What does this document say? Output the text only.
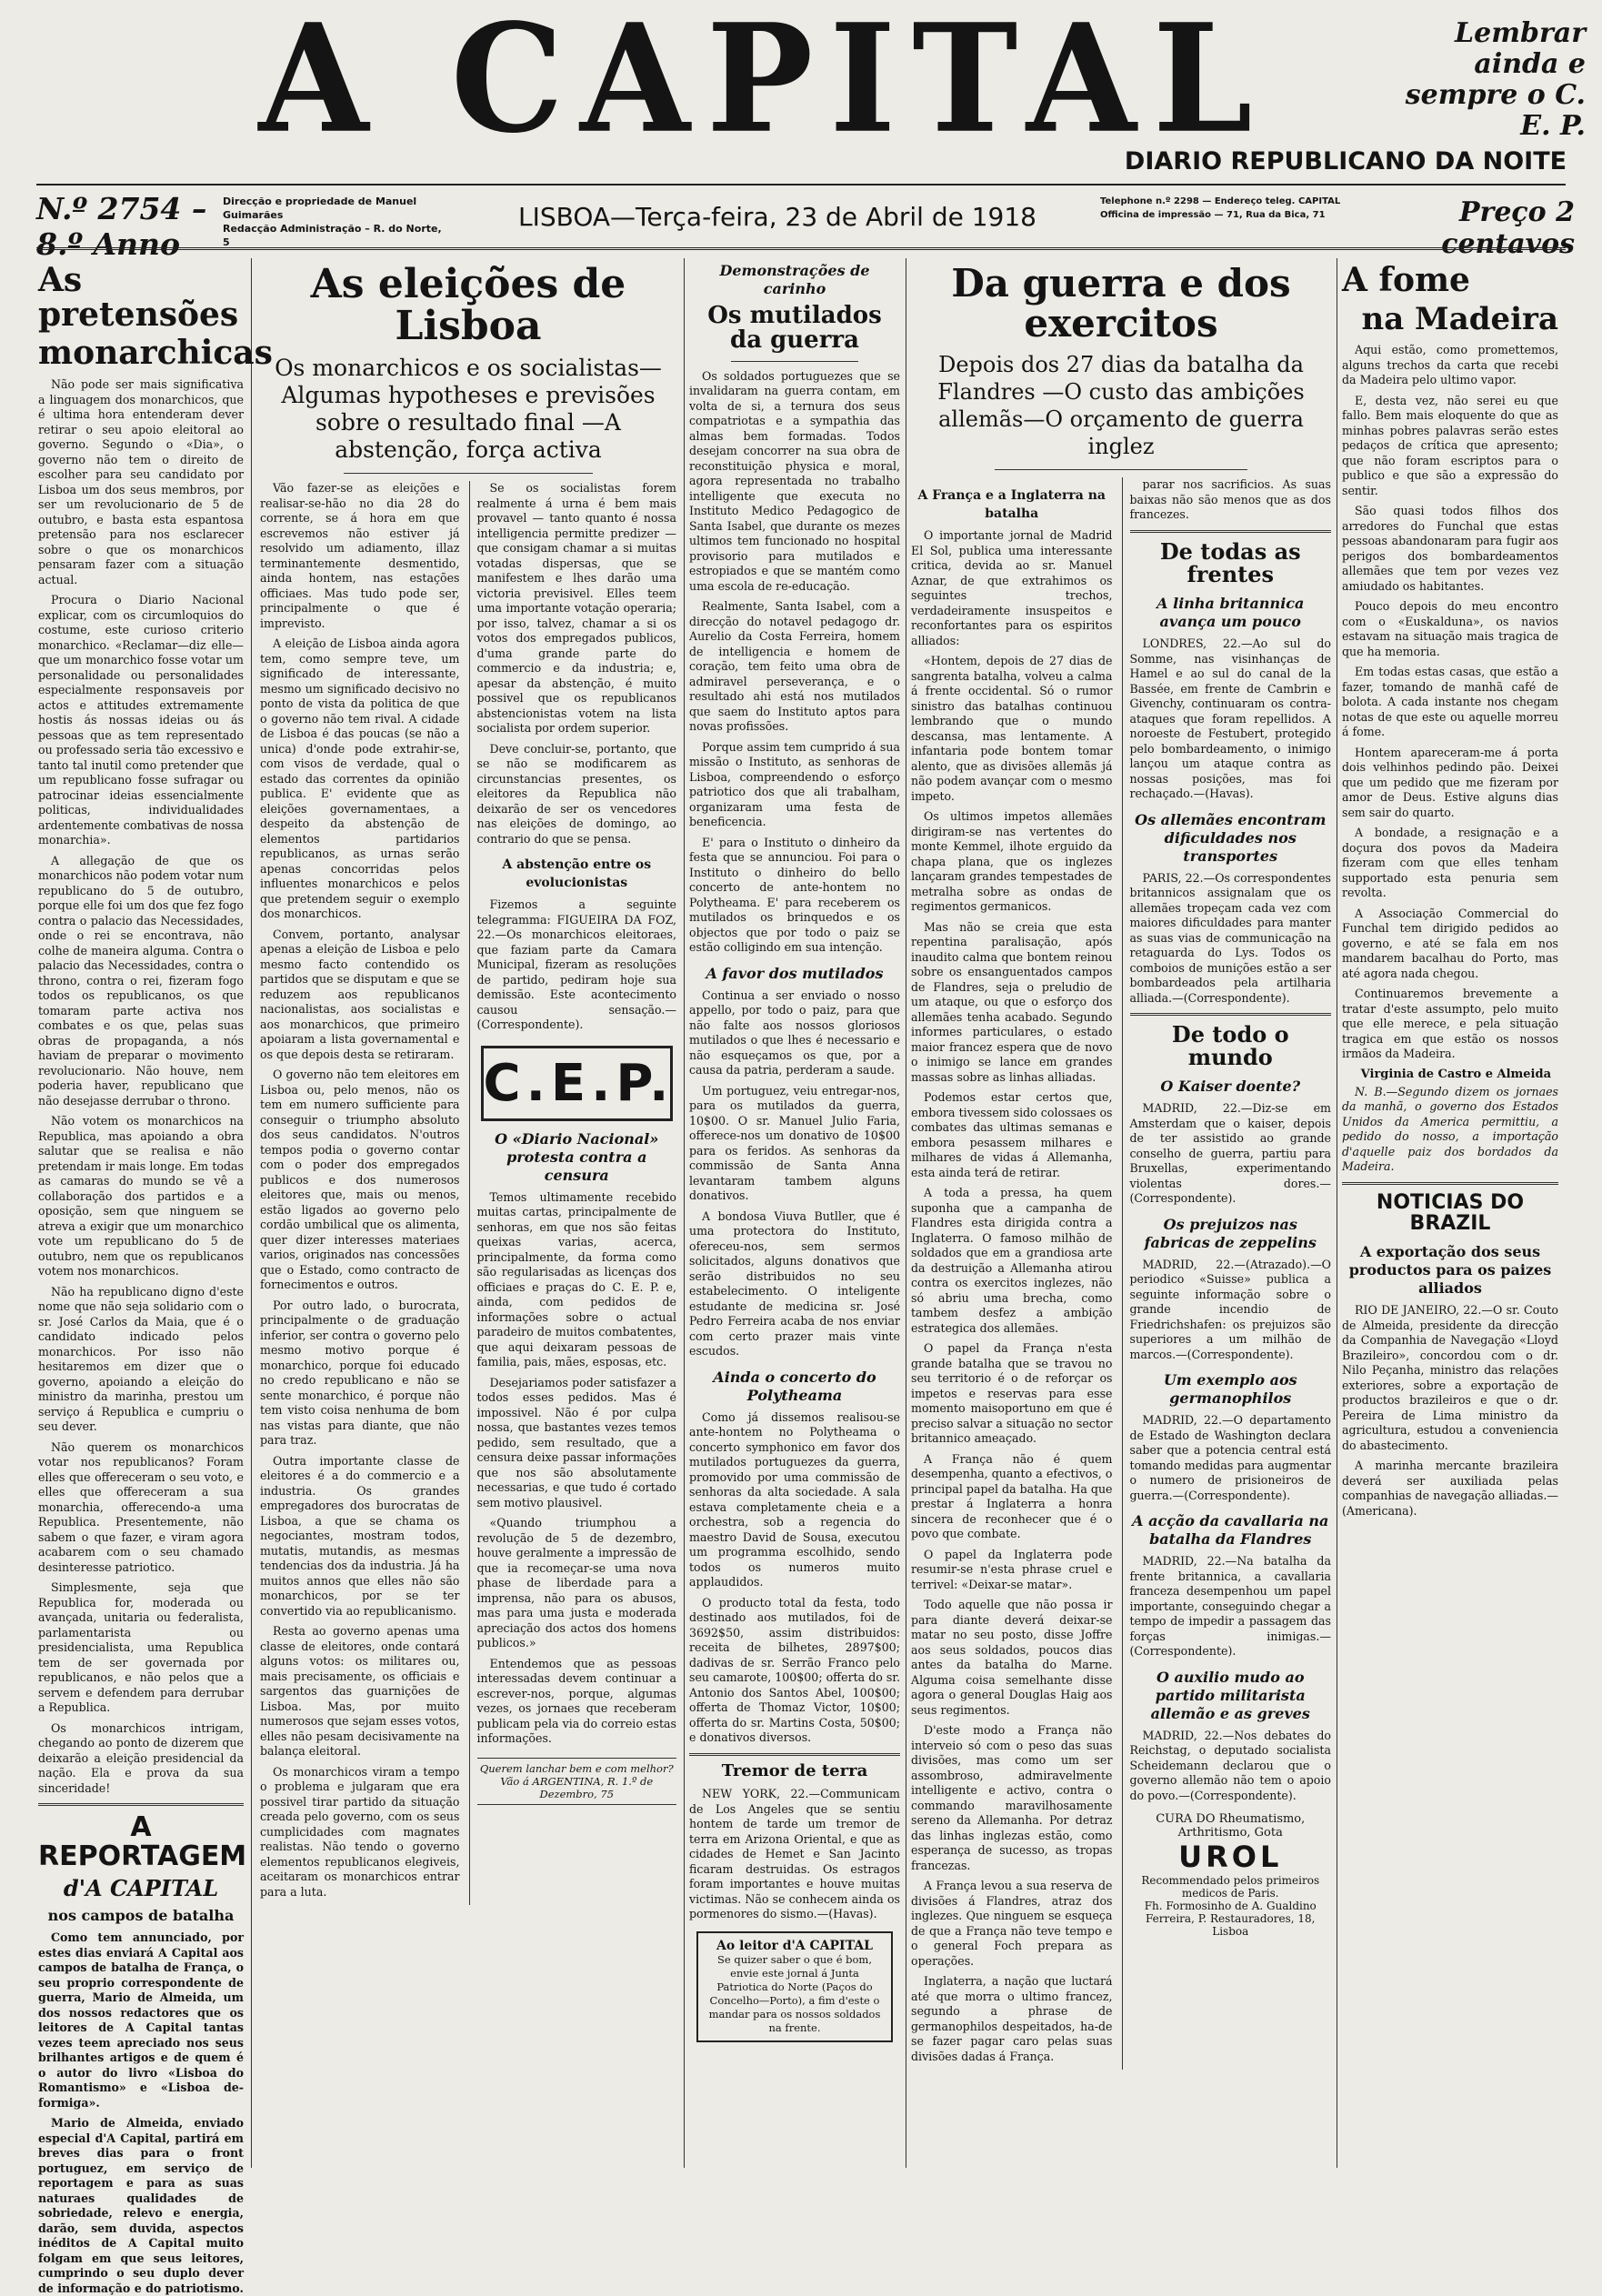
A CAPITAL	Lembrar ainda e sempre o C. E. P.
DIARIO REPUBLICANO DA NOITE
N.º 2754 – 8.º Anno
Direcção e propriedade de Manuel Guimarães
Redacção Administração – R. do Norte, 5
LISBOA—Terça-feira, 23 de Abril de 1918
Telephone n.º 2298 — Endereço teleg. CAPITAL
Officina de impressão — 71, Rua da Bica, 71	Preço 2 centavos
As pretensões
monarchicas

Não pode ser mais significativa a linguagem dos monarchicos, que é ultima hora entenderam dever retirar o seu apoio eleitoral ao governo. Segundo o «Dia», o governo não tem o direito de escolher para seu candidato por Lisboa um dos seus membros, por ser um revolucionario de 5 de outubro, e basta esta espantosa pretensão para nos esclarecer sobre o que os monarchicos pensaram fazer com a situação actual.

Procura o Diario Nacional explicar, com os circumloquios do costume, este curioso criterio monarchico. «Reclamar—diz elle—que um monarchico fosse votar um personalidade ou personalidades especialmente responsaveis por actos e attitudes extremamente hostis ás nossas ideias ou ás pessoas que as tem representado ou professado seria tão excessivo e tanto tal inutil como pretender que um republicano fosse sufragar ou patrocinar ideias essencialmente politicas, individualidades ardentemente combativas de nossa monarchia».

A allegação de que os monarchicos não podem votar num republicano do 5 de outubro, porque elle foi um dos que fez fogo contra o palacio das Necessidades, onde o rei se encontrava, não colhe de maneira alguma. Contra o palacio das Necessidades, contra o throno, contra o rei, fizeram fogo todos os republicanos, os que tomaram parte activa nos combates e os que, pelas suas obras de propaganda, a nós haviam de preparar o movimento revolucionario. Não houve, nem poderia haver, republicano que não desejasse derrubar o throno.

Não votem os monarchicos na Republica, mas apoiando a obra salutar que se realisa e não pretendam ir mais longe. Em todas as camaras do mundo se vê a collaboração dos partidos e a oposição, sem que ninguem se atreva a exigir que um monarchico vote um republicano do 5 de outubro, nem que os republicanos votem nos monarchicos.

Não ha republicano digno d'este nome que não seja solidario com o sr. José Carlos da Maia, que é o candidato indicado pelos monarchicos. Por isso não hesitaremos em dizer que o governo, apoiando a eleição do ministro da marinha, prestou um serviço á Republica e cumpriu o seu dever.

Não querem os monarchicos votar nos republicanos? Foram elles que offereceram o seu voto, e elles que offereceram a sua monarchia, offerecendo-a uma Republica. Presentemente, não sabem o que fazer, e viram agora acabarem com o seu chamado desinteresse patriotico.

Simplesmente, seja que Republica for, moderada ou avançada, unitaria ou federalista, parlamentarista ou presidencialista, uma Republica tem de ser governada por republicanos, e não pelos que a servem e defendem para derrubar a Republica.

Os monarchicos intrigam, chegando ao ponto de dizerem que deixarão a eleição presidencial da nação. Ela e prova da sua sinceridade!

A REPORTAGEM
d'A CAPITAL
nos campos de batalha

Como tem annunciado, por estes dias enviará A Capital aos campos de batalha de França, o seu proprio correspondente de guerra, Mario de Almeida, um dos nossos redactores que os leitores de A Capital tantas vezes teem apreciado nos seus brilhantes artigos e de quem é o autor do livro «Lisboa do Romantismo» e «Lisboa de-formiga».

Mario de Almeida, enviado especial d'A Capital, partirá em breves dias para o front portuguez, em serviço de reportagem e para as suas naturaes qualidades de sobriedade, relevo e energia, darão, sem duvida, aspectos inéditos de A Capital muito folgam em que seus leitores, cumprindo o seu duplo dever de informação e do patriotismo.

As eleições de Lisboa
Os monarchicos e os socialistas—Algumas hypotheses e previsões sobre o resultado final —A abstenção, força activa

Vão fazer-se as eleições e realisar-se-hão no dia 28 do corrente, se á hora em que escrevemos não estiver já resolvido um adiamento, illaz terminantemente desmentido, ainda hontem, nas estações officiaes. Mas tudo pode ser, principalmente o que é imprevisto.

A eleição de Lisboa ainda agora tem, como sempre teve, um significado de interessante, mesmo um significado decisivo no ponto de vista da politica de que o governo não tem rival. A cidade de Lisboa é das poucas (se não a unica) d'onde pode extrahir-se, com visos de verdade, qual o estado das correntes da opinião publica. E' evidente que as eleições governamentaes, a despeito da abstenção de elementos partidarios republicanos, as urnas serão apenas concorridas pelos influentes monarchicos e pelos que pretendem seguir o exemplo dos monarchicos.

Convem, portanto, analysar apenas a eleição de Lisboa e pelo mesmo facto contendido os partidos que se disputam e que se reduzem aos republicanos nacionalistas, aos socialistas e aos monarchicos, que primeiro apoiaram a lista governamental e os que depois desta se retiraram.

O governo não tem eleitores em Lisboa ou, pelo menos, não os tem em numero sufficiente para conseguir o triumpho absoluto dos seus candidatos. N'outros tempos podia o governo contar com o poder dos empregados publicos e dos numerosos eleitores que, mais ou menos, estão ligados ao governo pelo cordão umbilical que os alimenta, quer dizer interesses materiaes varios, originados nas concessões que o Estado, como contracto de fornecimentos e outros.

Por outro lado, o burocrata, principalmente o de graduação inferior, ser contra o governo pelo mesmo motivo porque é monarchico, porque foi educado no credo republicano e não se sente monarchico, é porque não tem visto coisa nenhuma de bom nas vistas para diante, que não para traz.

Outra importante classe de eleitores é a do commercio e a industria. Os grandes empregadores dos burocratas de Lisboa, a que se chama os negociantes, mostram todos, mutatis, mutandis, as mesmas tendencias dos da industria. Já ha muitos annos que elles não são monarchicos, por se ter convertido via ao republicanismo.

Resta ao governo apenas uma classe de eleitores, onde contará alguns votos: os militares ou, mais precisamente, os officiais e sargentos das guarnições de Lisboa. Mas, por muito numerosos que sejam esses votos, elles não pesam decisivamente na balança eleitoral.

Os monarchicos viram a tempo o problema e julgaram que era possivel tirar partido da situação creada pelo governo, com os seus cumplicidades com magnates realistas. Não tendo o governo elementos republicanos elegiveis, aceitaram os monarchicos entrar para a luta.

Se os socialistas forem realmente á urna é bem mais provavel — tanto quanto é nossa intelligencia permitte predizer — que consigam chamar a si muitas votadas dispersas, que se manifestem e lhes darão uma victoria previsivel. Elles teem uma importante votação operaria; por isso, talvez, chamar a si os votos dos empregados publicos, d'uma grande parte do commercio e da industria; e, apesar da abstenção, é muito possivel que os republicanos abstencionistas votem na lista socialista por ordem superior.

Deve concluir-se, portanto, que se não se modificarem as circunstancias presentes, os eleitores da Republica não deixarão de ser os vencedores nas eleições de domingo, ao contrario do que se pensa.

A abstenção entre os evolucionistas

Fizemos a seguinte telegramma: FIGUEIRA DA FOZ, 22.—Os monarchicos eleitoraes, que faziam parte da Camara Municipal, fizeram as resoluções de partido, pediram hoje sua demissão. Este acontecimento causou sensação.—(Correspondente).

C.E.P.
O «Diario Nacional» protesta contra a censura

Temos ultimamente recebido muitas cartas, principalmente de senhoras, em que nos são feitas queixas varias, acerca, principalmente, da forma como são regularisadas as licenças dos officiaes e praças do C. E. P. e, ainda, com pedidos de informações sobre o actual paradeiro de muitos combatentes, que aqui deixaram pessoas de familia, pais, mães, esposas, etc.

Desejariamos poder satisfazer a todos esses pedidos. Mas é impossivel. Não é por culpa nossa, que bastantes vezes temos pedido, sem resultado, que a censura deixe passar informações que nos são absolutamente necessarias, e que tudo é cortado sem motivo plausivel.

«Quando triumphou a revolução de 5 de dezembro, houve geralmente a impressão de que ia recomeçar-se uma nova phase de liberdade para a imprensa, não para os abusos, mas para uma justa e moderada apreciação dos actos dos homens publicos.»

Entendemos que as pessoas interessadas devem continuar a escrever-nos, porque, algumas vezes, os jornaes que receberam publicam pela via do correio estas informações.

Querem lanchar bem e com melhor? Vão á ARGENTINA, R. 1.º de Dezembro, 75
Demonstrações de carinho
Os mutilados da guerra

Os soldados portuguezes que se invalidaram na guerra contam, em volta de si, a ternura dos seus compatriotas e a sympathia das almas bem formadas. Todos desejam concorrer na sua obra de reconstituição physica e moral, agora representada no trabalho intelligente que executa no Instituto Medico Pedagogico de Santa Isabel, que durante os mezes ultimos tem funcionado no hospital provisorio para mutilados e estropiados e que se mantém como uma escola de re-educação.

Realmente, Santa Isabel, com a direcção do notavel pedagogo dr. Aurelio da Costa Ferreira, homem de intelligencia e homem de coração, tem feito uma obra de admiravel perseverança, e o resultado ahi está nos mutilados que saem do Instituto aptos para novas profissões.

Porque assim tem cumprido á sua missão o Instituto, as senhoras de Lisboa, compreendendo o esforço patriotico dos que ali trabalham, organizaram uma festa de beneficencia.

E' para o Instituto o dinheiro da festa que se annunciou. Foi para o Instituto o dinheiro do bello concerto de ante-hontem no Polytheama. E' para receberem os mutilados os brinquedos e os objectos que por todo o paiz se estão colligindo em sua intenção.

A favor dos mutilados

Continua a ser enviado o nosso appello, por todo o paiz, para que não falte aos nossos gloriosos mutilados o que lhes é necessario e não esqueçamos os que, por a causa da patria, perderam a saude.

Um portuguez, veiu entregar-nos, para os mutilados da guerra, 10$00. O sr. Manuel Julio Faria, offerece-nos um donativo de 10$00 para os feridos. As senhoras da commissão de Santa Anna levantaram tambem alguns donativos.

A bondosa Viuva Butller, que é uma protectora do Instituto, ofereceu-nos, sem sermos solicitados, alguns donativos que serão distribuidos no seu estabelecimento. O inteligente estudante de medicina sr. José Pedro Ferreira acaba de nos enviar com certo prazer mais vinte escudos.

Ainda o concerto do Polytheama

Como já dissemos realisou-se ante-hontem no Polytheama o concerto symphonico em favor dos mutilados portuguezes da guerra, promovido por uma commissão de senhoras da alta sociedade. A sala estava completamente cheia e a orchestra, sob a regencia do maestro David de Sousa, executou um programma escolhido, sendo todos os numeros muito applaudidos.

O producto total da festa, todo destinado aos mutilados, foi de 3692$50, assim distribuidos: receita de bilhetes, 2897$00; dadivas de sr. Serrão Franco pelo seu camarote, 100$00; offerta do sr. Antonio dos Santos Abel, 100$00; offerta de Thomaz Victor, 10$00; offerta do sr. Martins Costa, 50$00; e donativos diversos.

Tremor de terra

NEW YORK, 22.—Communicam de Los Angeles que se sentiu hontem de tarde um tremor de terra em Arizona Oriental, e que as cidades de Hemet e San Jacinto ficaram destruidas. Os estragos foram importantes e houve muitas victimas. Não se conhecem ainda os pormenores do sismo.—(Havas).

Ao leitor d'A CAPITAL
Se quizer saber o que é bom, envie este jornal á Junta Patriotica do Norte (Paços do Concelho—Porto), a fim d'este o mandar para os nossos soldados na frente.
Da guerra e dos exercitos
Depois dos 27 dias da batalha da Flandres —O custo das ambições allemãs—O orçamento de guerra inglez
A França e a Inglaterra na batalha

O importante jornal de Madrid El Sol, publica uma interessante critica, devida ao sr. Manuel Aznar, de que extrahimos os seguintes trechos, verdadeiramente insuspeitos e reconfortantes para os espiritos alliados:

«Hontem, depois de 27 dias de sangrenta batalha, volveu a calma á frente occidental. Só o rumor sinistro das batalhas continuou lembrando que o mundo descansa, mas lentamente. A infantaria pode bontem tomar alento, que as divisões allemãs já não podem avançar com o mesmo impeto.

Os ultimos impetos allemães dirigiram-se nas vertentes do monte Kemmel, ilhote erguido da chapa plana, que os inglezes lançaram grandes tempestades de metralha sobre as ondas de regimentos germanicos.

Mas não se creia que esta repentina paralisação, após inaudito calma que bontem reinou sobre os ensanguentados campos de Flandres, seja o preludio de um ataque, ou que o esforço dos allemães tenha acabado. Segundo informes particulares, o estado maior francez espera que de novo o inimigo se lance em grandes massas sobre as linhas alliadas.

Podemos estar certos que, embora tivessem sido colossaes os combates das ultimas semanas e embora pesassem milhares e milhares de vidas á Allemanha, esta ainda terá de retirar.

A toda a pressa, ha quem suponha que a campanha de Flandres esta dirigida contra a Inglaterra. O famoso milhão de soldados que em a grandiosa arte da destruição a Allemanha atirou contra os exercitos inglezes, não só abriu uma brecha, como tambem desfez a ambição estrategica dos allemães.

O papel da França n'esta grande batalha que se travou no seu territorio é o de reforçar os impetos e reservas para esse momento maisoportuno em que é preciso salvar a situação no sector britannico ameaçado.

A França não é quem desempenha, quanto a efectivos, o principal papel da batalha. Ha que prestar á Inglaterra a honra sincera de reconhecer que é o povo que combate.

O papel da Inglaterra pode resumir-se n'esta phrase cruel e terrivel: «Deixar-se matar».

Todo aquelle que não possa ir para diante deverá deixar-se matar no seu posto, disse Joffre aos seus soldados, poucos dias antes da batalha do Marne. Alguma coisa semelhante disse agora o general Douglas Haig aos seus regimentos.

D'este modo a França não interveio só com o peso das suas divisões, mas como um ser assombroso, admiravelmente intelligente e activo, contra o commando maravilhosamente sereno da Allemanha. Por detraz das linhas inglezas estão, como esperança de sucesso, as tropas francezas.

A França levou a sua reserva de divisões á Flandres, atraz dos inglezes. Que ninguem se esqueça de que a França não teve tempo e o general Foch prepara as operações.

Inglaterra, a nação que luctará até que morra o ultimo francez, segundo a phrase de germanophilos despeitados, ha-de se fazer pagar caro pelas suas divisões dadas á França.

parar nos sacrificios. As suas baixas não são menos que as dos francezes.

De todas as frentes
A linha britannica avança um pouco

LONDRES, 22.—Ao sul do Somme, nas visinhanças de Hamel e ao sul do canal de la Bassée, em frente de Cambrin e Givenchy, continuaram os contra-ataques que foram repellidos. A noroeste de Festubert, protegido pelo bombardeamento, o inimigo lançou um ataque contra as nossas posições, mas foi rechaçado.—(Havas).

Os allemães encontram dificuldades nos transportes

PARIS, 22.—Os correspondentes britannicos assignalam que os allemães tropeçam cada vez com maiores dificuldades para manter as suas vias de communicação na retaguarda do Lys. Todos os comboios de munições estão a ser bombardeados pela artilharia alliada.—(Correspondente).

De todo o mundo
O Kaiser doente?

MADRID, 22.—Diz-se em Amsterdam que o kaiser, depois de ter assistido ao grande conselho de guerra, partiu para Bruxellas, experimentando violentas dores.—(Correspondente).

Os prejuizos nas fabricas de zeppelins

MADRID, 22.—(Atrazado).—O periodico «Suisse» publica a seguinte informação sobre o grande incendio de Friedrichshafen: os prejuizos são superiores a um milhão de marcos.—(Correspondente).

Um exemplo aos germanophilos

MADRID, 22.—O departamento de Estado de Washington declara saber que a potencia central está tomando medidas para augmentar o numero de prisioneiros de guerra.—(Correspondente).

A acção da cavallaria na batalha da Flandres

MADRID, 22.—Na batalha da frente britannica, a cavallaria franceza desempenhou um papel importante, conseguindo chegar a tempo de impedir a passagem das forças inimigas.—(Correspondente).

O auxilio mudo ao partido militarista allemão e as greves

MADRID, 22.—Nos debates do Reichstag, o deputado socialista Scheidemann declarou que o governo allemão não tem o apoio do povo.—(Correspondente).

CURA DO Rheumatismo, Arthritismo, Gota
UROL
Recommendado pelos primeiros medicos de Paris.
Fh. Formosinho de A. Gualdino Ferreira, P. Restauradores, 18, Lisboa
A fome
na Madeira

Aqui estão, como promettemos, alguns trechos da carta que recebi da Madeira pelo ultimo vapor.

E, desta vez, não serei eu que fallo. Bem mais eloquente do que as minhas pobres palavras serão estes pedaços de crítica que apresento; que não foram escriptos para o publico e que são a expressão do sentir.

São quasi todos filhos dos arredores do Funchal que estas pessoas abandonaram para fugir aos perigos dos bombardeamentos allemães que tem por vezes vez amiudado os habitantes.

Pouco depois do meu encontro com o «Euskalduna», os navios estavam na situação mais tragica de que ha memoria.

Em todas estas casas, que estão a fazer, tomando de manhã café de bolota. A cada instante nos chegam notas de que este ou aquelle morreu á fome.

Hontem apareceram-me á porta dois velhinhos pedindo pão. Deixei que um pedido que me fizeram por amor de Deus. Estive alguns dias sem sair do quarto.

A bondade, a resignação e a doçura dos povos da Madeira fizeram com que elles tenham supportado esta penuria sem revolta.

A Associação Commercial do Funchal tem dirigido pedidos ao governo, e até se fala em nos mandarem bacalhau do Porto, mas até agora nada chegou.

Continuaremos brevemente a tratar d'este assumpto, pelo muito que elle merece, e pela situação tragica em que estão os nossos irmãos da Madeira.

Virginia de Castro e Almeida

N. B.—Segundo dizem os jornaes da manhã, o governo dos Estados Unidos da America permittiu, a pedido do nosso, a importação d'aquelle paiz dos bordados da Madeira.

NOTICIAS DO BRAZIL
A exportação dos seus productos para os paizes alliados

RIO DE JANEIRO, 22.—O sr. Couto de Almeida, presidente da direcção da Companhia de Navegação «Lloyd Brazileiro», concordou com o dr. Nilo Peçanha, ministro das relações exteriores, sobre a exportação de productos brazileiros e que o dr. Pereira de Lima ministro da agricultura, estudou a conveniencia do abastecimento.

A marinha mercante brazileira deverá ser auxiliada pelas companhias de navegação alliadas.—(Americana).
